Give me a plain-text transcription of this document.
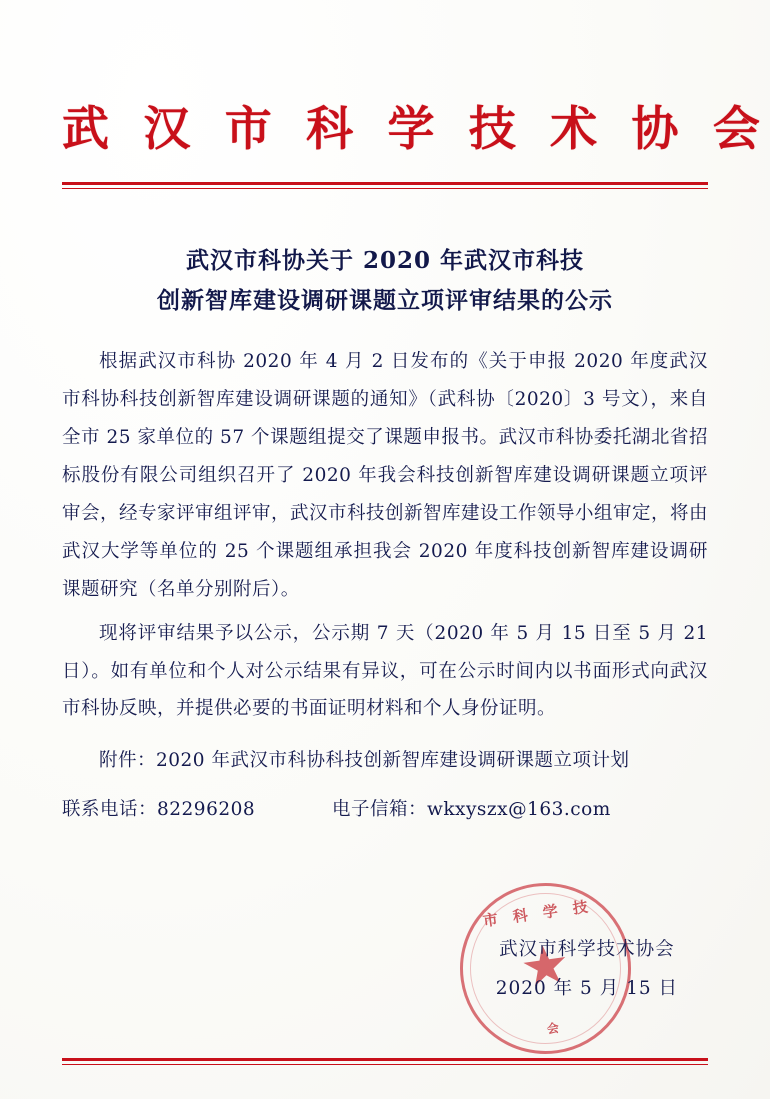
武 汉 市 科 学 技 术 协 会
武汉市科协关于 2020 年武汉市科技
创新智库建设调研课题立项评审结果的公示

根据武汉市科协 2020 年 4 月 2 日发布的《关于申报 2020 年度武汉市科协科技创新智库建设调研课题的通知》（武科协〔2020〕3 号文），来自全市 25 家单位的 57 个课题组提交了课题申报书。武汉市科协委托湖北省招标股份有限公司组织召开了 2020 年我会科技创新智库建设调研课题立项评审会，经专家评审组评审，武汉市科技创新智库建设工作领导小组审定，将由武汉大学等单位的 25 个课题组承担我会 2020 年度科技创新智库建设调研课题研究（名单分别附后）。

现将评审结果予以公示，公示期 7 天（2020 年 5 月 15 日至 5 月 21 日）。如有单位和个人对公示结果有异议，可在公示时间内以书面形式向武汉市科协反映，并提供必要的书面证明材料和个人身份证明。

附件：2020 年武汉市科协科技创新智库建设调研课题立项计划
联系电话：82296208	电子信箱：wkxyszx@163.com
市 科 学 技
会
武汉市科学技术协会
2020 年 5 月 15 日
